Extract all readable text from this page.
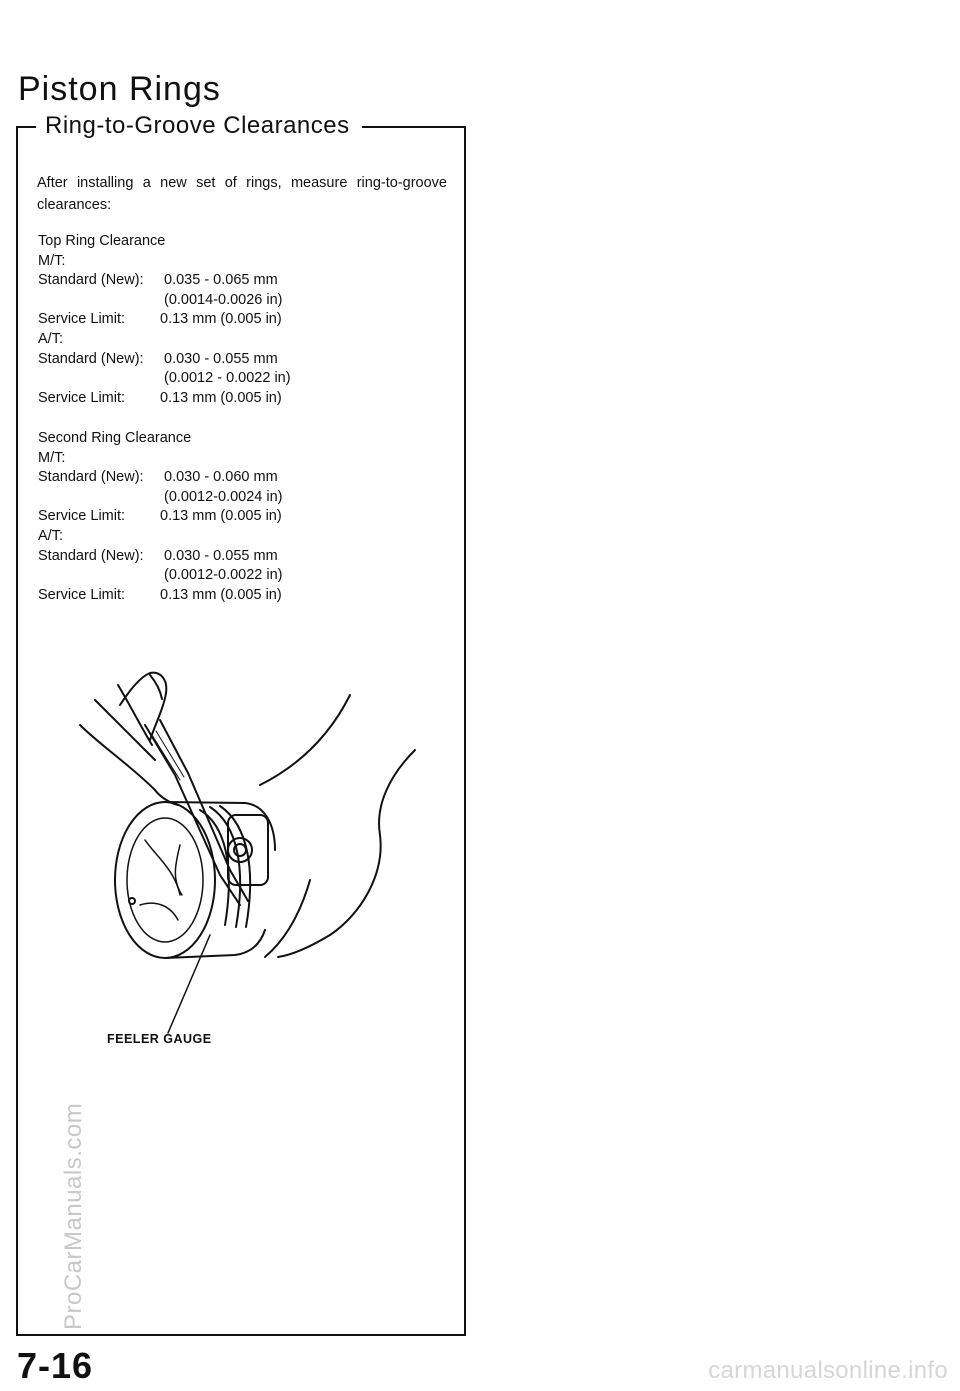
Piston Rings
Ring-to-Groove Clearances

After installing a new set of rings, measure ring-to-groove clearances:

Top Ring Clearance
M/T:
Standard (New): 0.035 - 0.065 mm
(0.0014-0.0026 in)
Service Limit: 0.13 mm (0.005 in)
A/T:
Standard (New): 0.030 - 0.055 mm
(0.0012 - 0.0022 in)
Service Limit: 0.13 mm (0.005 in)
Second Ring Clearance
M/T:
Standard (New): 0.030 - 0.060 mm
(0.0012-0.0024 in)
Service Limit: 0.13 mm (0.005 in)
A/T:
Standard (New): 0.030 - 0.055 mm
(0.0012-0.0022 in)
Service Limit: 0.13 mm (0.005 in)
FEELER GAUGE
ProCarManuals.com
7-16	carmanualsonline.info
